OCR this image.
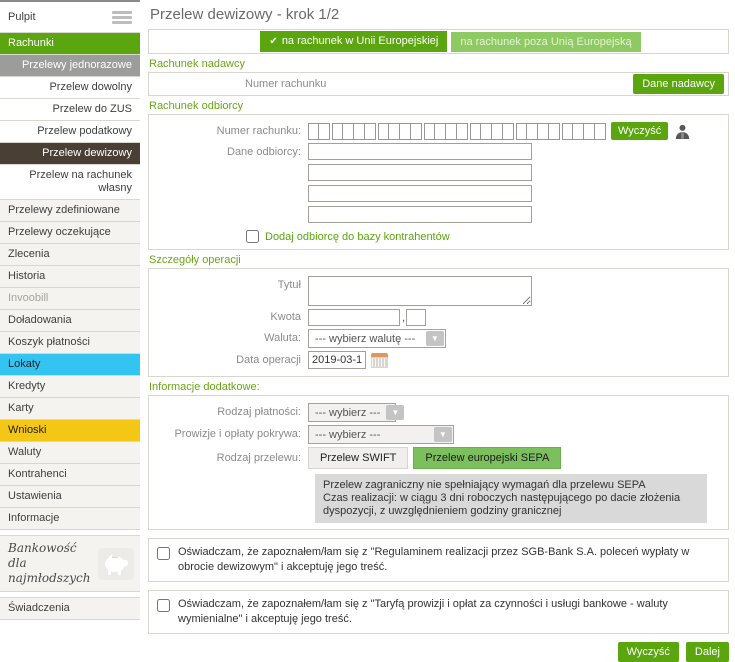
Pulpit
Rachunki
Przelewy jednorazowe
Przelew dowolny
Przelew do ZUS
Przelew podatkowy
Przelew dewizowy
Przelew na rachunek własny
Przelewy zdefiniowane
Przelewy oczekujące
Zlecenia
Historia
Invoobill
Doładowania
Koszyk płatności
Lokaty
Kredyty
Karty
Wnioski
Waluty
Kontrahenci
Ustawienia
Informacje
Bankowość dla najmłodszych
Świadczenia
Przelew dewizowy - krok 1/2
✔ na rachunek w Unii Europejskiej	na rachunek poza Unią Europejską
Rachunek nadawcy
Numer rachunku	Dane nadawcy
Rachunek odbiorcy
Numer rachunku:	Wyczyść
Dane odbiorcy:
Dodaj odbiorcę do bazy kontrahentów
Szczegóły operacji
Tytuł
Kwota	,
Waluta:	--- wybierz walutę ---	▼
Data operacji
2019-03-12
Informacje dodatkowe:
Rodzaj płatności:	--- wybierz ---	▼
Prowizje i opłaty pokrywa:	--- wybierz ---	▼
Rodzaj przelewu:	Przelew SWIFT	Przelew europejski SEPA
Przelew zagraniczny nie spełniający wymagań dla przelewu SEPA
Czas realizacji: w ciągu 3 dni roboczych następującego po dacie złożenia dyspozycji, z uwzględnieniem godziny granicznej
Oświadczam, że zapoznałem/łam się z "Regulaminem realizacji przez SGB-Bank S.A. poleceń wypłaty w obrocie dewizowym" i akceptuję jego treść.
Oświadczam, że zapoznałem/łam się z "Taryfą prowizji i opłat za czynności i usługi bankowe - waluty wymienialne" i akceptuję jego treść.
Wyczyść	Dalej
